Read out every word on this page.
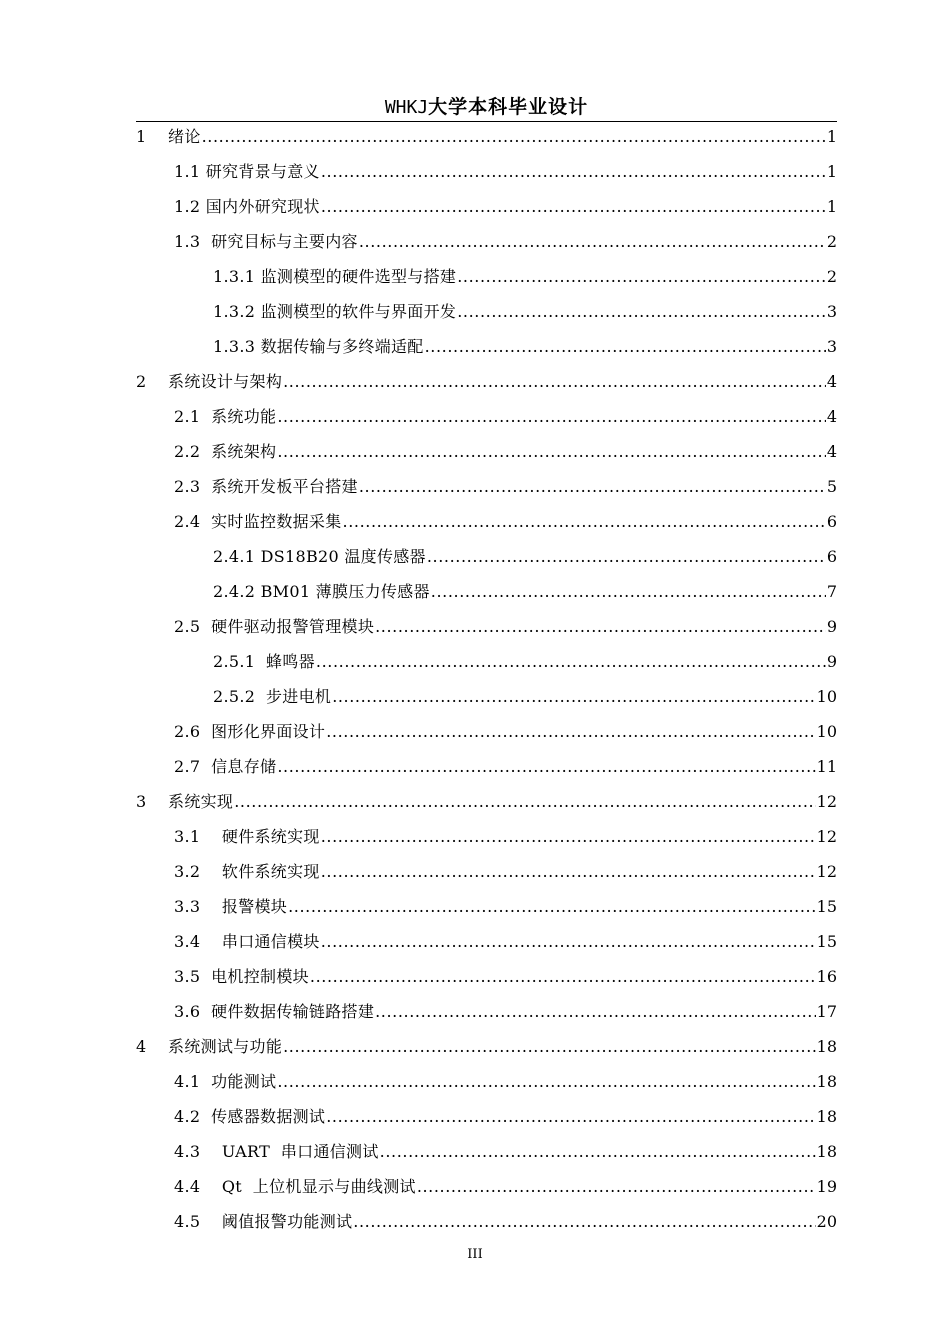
WHKJ大学本科毕业设计
1    绪论 .....	1
1.1 研究背景与意义 .....	1
1.2 国内外研究现状 .....	1
1.3  研究目标与主要内容 .....	2
1.3.1 监测模型的硬件选型与搭建 .....	2
1.3.2 监测模型的软件与界面开发 .....	3
1.3.3 数据传输与多终端适配 .....	3
2    系统设计与架构 .....	4
2.1  系统功能 .....	4
2.2  系统架构 .....	4
2.3  系统开发板平台搭建 .....	5
2.4  实时监控数据采集 .....	6
2.4.1 DS18B20 温度传感器 .....	6
2.4.2 BM01 薄膜压力传感器 .....	7
2.5  硬件驱动报警管理模块 .....	9
2.5.1  蜂鸣器 .....	9
2.5.2  步进电机 .....	10
2.6  图形化界面设计 .....	10
2.7  信息存储 .....	11
3    系统实现 .....	12
3.1    硬件系统实现 .....	12
3.2    软件系统实现 .....	12
3.3    报警模块 .....	15
3.4    串口通信模块 .....	15
3.5  电机控制模块 .....	16
3.6  硬件数据传输链路搭建 .....	17
4    系统测试与功能 .....	18
4.1  功能测试 .....	18
4.2  传感器数据测试 .....	18
4.3    UART  串口通信测试 .....	18
4.4    Qt  上位机显示与曲线测试 .....	19
4.5    阈值报警功能测试 .....	20
III
